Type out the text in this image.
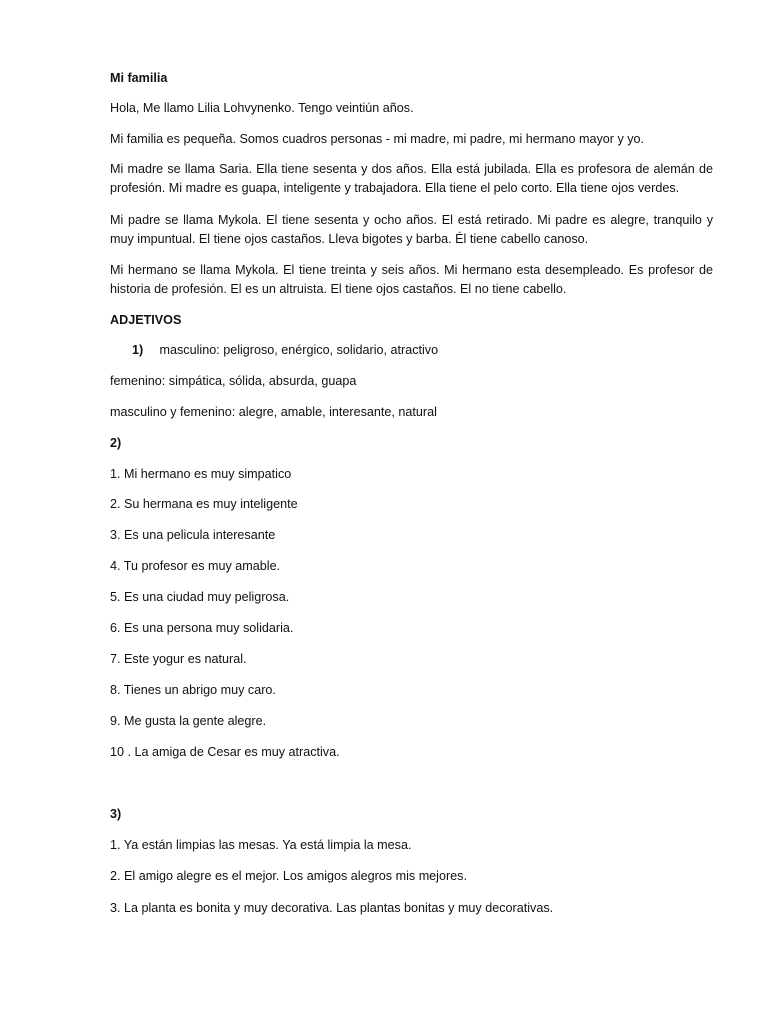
Mi familia
Hola, Me llamo Lilia Lohvynenko. Tengo veintiún años.
Mi familia es pequeña. Somos cuadros personas - mi madre, mi padre, mi hermano mayor y yo.
Mi madre se llama Saria. Ella tiene sesenta y dos años. Ella está jubilada. Ella es profesora de alemán de profesión. Mi madre es guapa, inteligente y trabajadora. Ella tiene el pelo corto. Ella tiene ojos verdes.
Mi padre se llama Mykola. El tiene sesenta y ocho años. El está retirado. Mi padre es alegre, tranquilo y muy impuntual. El tiene ojos castaños. Lleva bigotes y barba. Él tiene cabello canoso.
Mi hermano se llama Mykola. El tiene treinta y seis años. Mi hermano esta desempleado. Es profesor de historia de profesión. El es un altruista. El tiene ojos castaños. El no tiene cabello.
ADJETIVOS
1) masculino: peligroso, enérgico, solidario, atractivo
femenino: simpática, sólida, absurda, guapa
masculino y femenino: alegre, amable, interesante, natural
2)
1. Mi hermano es muy simpatico
2. Su hermana es muy inteligente
3. Es una pelicula interesante
4. Tu profesor es muy amable.
5. Es una ciudad muy peligrosa.
6. Es una persona muy solidaria.
7. Este yogur es natural.
8. Tienes un abrigo muy caro.
9. Me gusta la gente alegre.
10 . La amiga de Cesar es muy atractiva.
3)
1. Ya están limpias las mesas. Ya está limpia la mesa.
2. El amigo alegre es el mejor. Los amigos alegros mis mejores.
3. La planta es bonita y muy decorativa. Las plantas bonitas y muy decorativas.
